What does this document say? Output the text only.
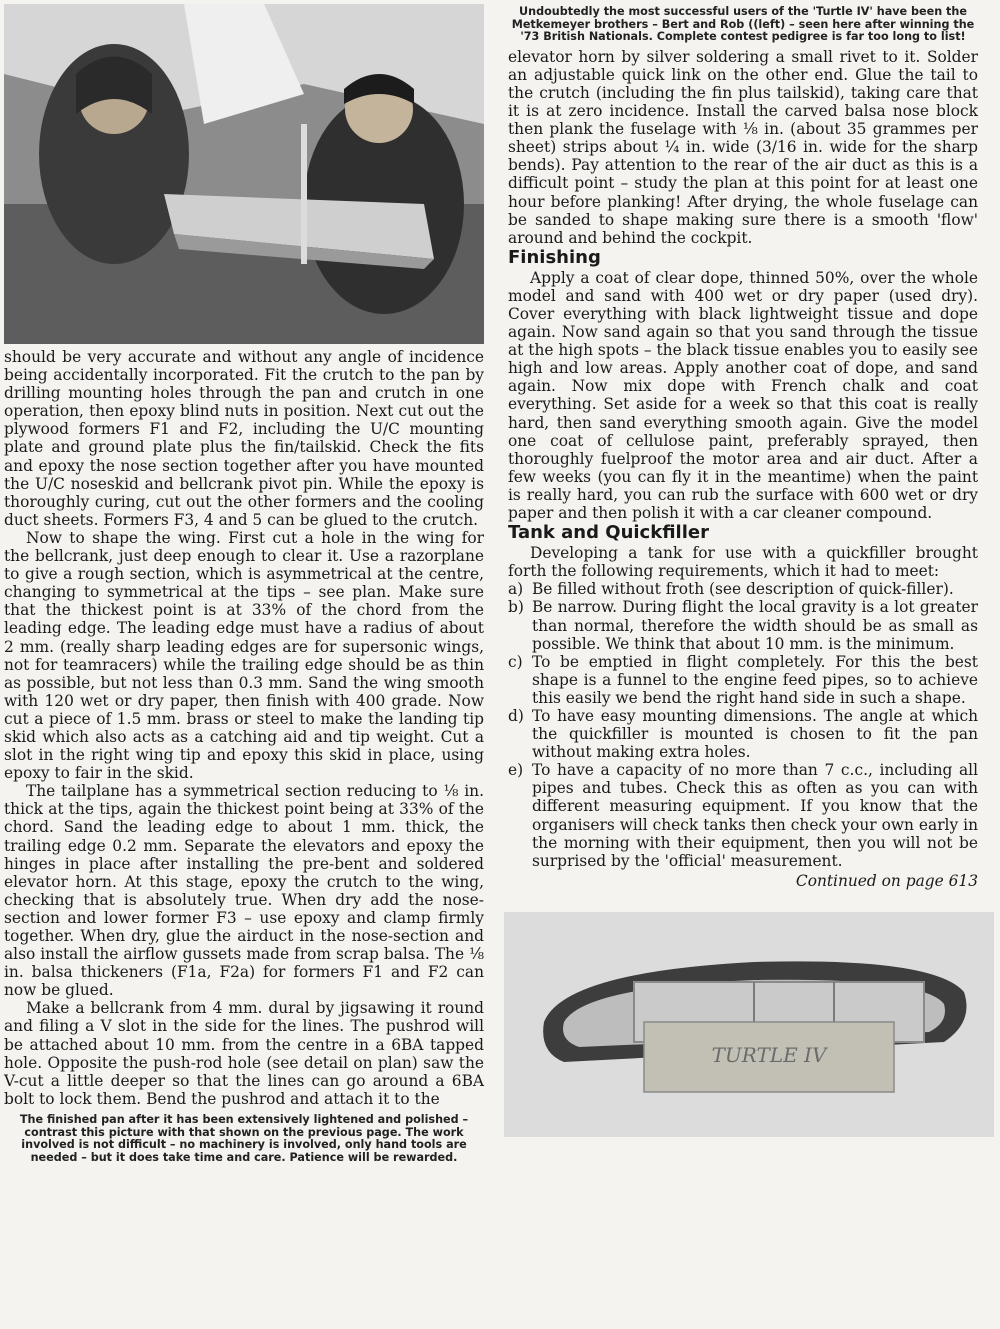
should be very accurate and without any angle of incidence being accidentally incorporated. Fit the crutch to the pan by drilling mounting holes through the pan and crutch in one operation, then epoxy blind nuts in position. Next cut out the plywood formers F1 and F2, including the U/C mounting plate and ground plate plus the fin/tailskid. Check the fits and epoxy the nose section together after you have mounted the U/C noseskid and bellcrank pivot pin. While the epoxy is thoroughly curing, cut out the other formers and the cooling duct sheets. Formers F3, 4 and 5 can be glued to the crutch.

Now to shape the wing. First cut a hole in the wing for the bellcrank, just deep enough to clear it. Use a razorplane to give a rough section, which is asymmetrical at the centre, changing to symmetrical at the tips – see plan. Make sure that the thickest point is at 33% of the chord from the leading edge. The leading edge must have a radius of about 2 mm. (really sharp leading edges are for supersonic wings, not for teamracers) while the trailing edge should be as thin as possible, but not less than 0.3 mm. Sand the wing smooth with 120 wet or dry paper, then finish with 400 grade. Now cut a piece of 1.5 mm. brass or steel to make the landing tip skid which also acts as a catching aid and tip weight. Cut a slot in the right wing tip and epoxy this skid in place, using epoxy to fair in the skid.

The tailplane has a symmetrical section reducing to ⅛ in. thick at the tips, again the thickest point being at 33% of the chord. Sand the leading edge to about 1 mm. thick, the trailing edge 0.2 mm. Separate the elevators and epoxy the hinges in place after installing the pre-bent and soldered elevator horn. At this stage, epoxy the crutch to the wing, checking that is absolutely true. When dry add the nose-section and lower former F3 – use epoxy and clamp firmly together. When dry, glue the airduct in the nose-section and also install the airflow gussets made from scrap balsa. The ⅛ in. balsa thickeners (F1a, F2a) for formers F1 and F2 can now be glued.

Make a bellcrank from 4 mm. dural by jigsawing it round and filing a V slot in the side for the lines. The pushrod will be attached about 10 mm. from the centre in a 6BA tapped hole. Opposite the push-rod hole (see detail on plan) saw the V-cut a little deeper so that the lines can go around a 6BA bolt to lock them. Bend the pushrod and attach it to the

The finished pan after it has been extensively lightened and polished – contrast this picture with that shown on the previous page. The work involved is not difficult – no machinery is involved, only hand tools are needed – but it does take time and care. Patience will be rewarded.
Undoubtedly the most successful users of the 'Turtle IV' have been the Metkemeyer brothers – Bert and Rob ((left) – seen here after winning the '73 British Nationals. Complete contest pedigree is far too long to list!

elevator horn by silver soldering a small rivet to it. Solder an adjustable quick link on the other end. Glue the tail to the crutch (including the fin plus tailskid), taking care that it is at zero incidence. Install the carved balsa nose block then plank the fuselage with ⅛ in. (about 35 grammes per sheet) strips about ¼ in. wide (3/16 in. wide for the sharp bends). Pay attention to the rear of the air duct as this is a difficult point – study the plan at this point for at least one hour before planking! After drying, the whole fuselage can be sanded to shape making sure there is a smooth 'flow' around and behind the cockpit.

Finishing

Apply a coat of clear dope, thinned 50%, over the whole model and sand with 400 wet or dry paper (used dry). Cover everything with black lightweight tissue and dope again. Now sand again so that you sand through the tissue at the high spots – the black tissue enables you to easily see high and low areas. Apply another coat of dope, and sand again. Now mix dope with French chalk and coat everything. Set aside for a week so that this coat is really hard, then sand everything smooth again. Give the model one coat of cellulose paint, preferably sprayed, then thoroughly fuelproof the motor area and air duct. After a few weeks (you can fly it in the meantime) when the paint is really hard, you can rub the surface with 600 wet or dry paper and then polish it with a car cleaner compound.

Tank and Quickfiller

Developing a tank for use with a quickfiller brought forth the following requirements, which it had to meet:

a) Be filled without froth (see description of quick-filler).
b) Be narrow. During flight the local gravity is a lot greater than normal, therefore the width should be as small as possible. We think that about 10 mm. is the minimum.
c) To be emptied in flight completely. For this the best shape is a funnel to the engine feed pipes, so to achieve this easily we bend the right hand side in such a shape.
d) To have easy mounting dimensions. The angle at which the quickfiller is mounted is chosen to fit the pan without making extra holes.
e) To have a capacity of no more than 7 c.c., including all pipes and tubes. Check this as often as you can with different measuring equipment. If you know that the organisers will check tanks then check your own early in the morning with their equipment, then you will not be surprised by the 'official' measurement.
Continued on page 613
TURTLE IV
